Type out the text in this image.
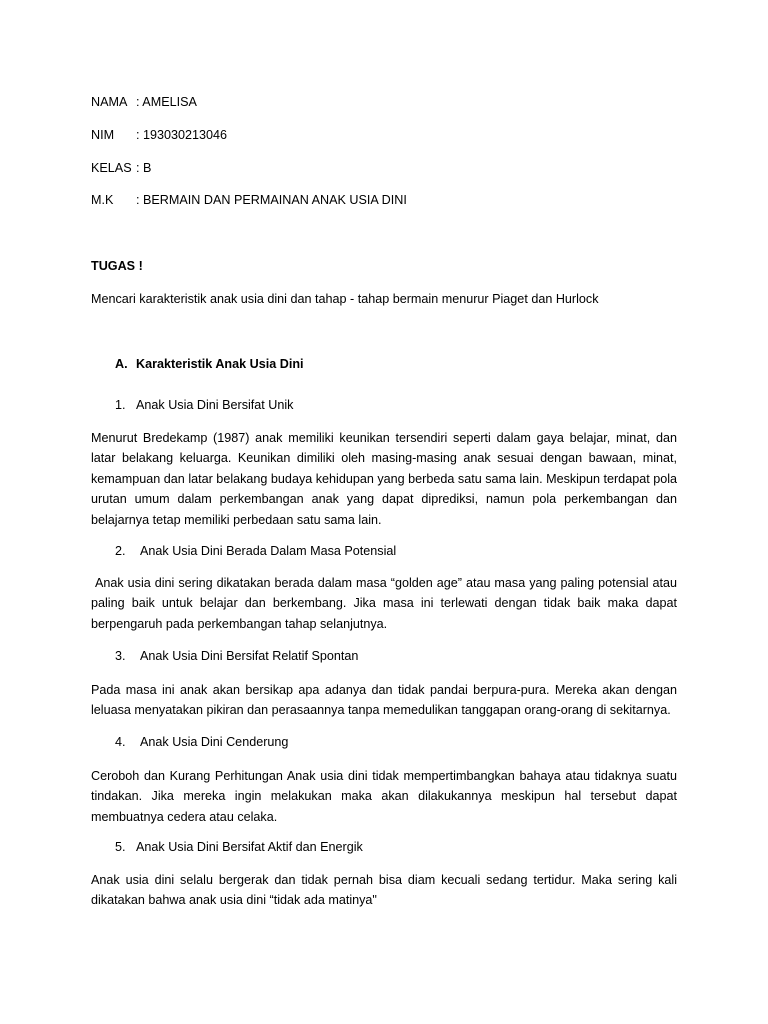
NAMA : AMELISA
NIM : 193030213046
KELAS : B
M.K : BERMAIN DAN PERMAINAN ANAK USIA DINI
TUGAS !
Mencari karakteristik anak usia dini dan tahap - tahap bermain menurur Piaget dan Hurlock
A. Karakteristik Anak Usia Dini
1. Anak Usia Dini Bersifat Unik
Menurut Bredekamp (1987) anak memiliki keunikan tersendiri seperti dalam gaya belajar, minat, dan latar belakang keluarga. Keunikan dimiliki oleh masing-masing anak sesuai dengan bawaan, minat, kemampuan dan latar belakang budaya kehidupan yang berbeda satu sama lain. Meskipun terdapat pola urutan umum dalam perkembangan anak yang dapat diprediksi, namun pola perkembangan dan belajarnya tetap memiliki perbedaan satu sama lain.
2. Anak Usia Dini Berada Dalam Masa Potensial
Anak usia dini sering dikatakan berada dalam masa “golden age” atau masa yang paling potensial atau paling baik untuk belajar dan berkembang. Jika masa ini terlewati dengan tidak baik maka dapat berpengaruh pada perkembangan tahap selanjutnya.
3. Anak Usia Dini Bersifat Relatif Spontan
Pada masa ini anak akan bersikap apa adanya dan tidak pandai berpura-pura. Mereka akan dengan leluasa menyatakan pikiran dan perasaannya tanpa memedulikan tanggapan orang-orang di sekitarnya.
4. Anak Usia Dini Cenderung
Ceroboh dan Kurang Perhitungan Anak usia dini tidak mempertimbangkan bahaya atau tidaknya suatu tindakan. Jika mereka ingin melakukan maka akan dilakukannya meskipun hal tersebut dapat membuatnya cedera atau celaka.
5. Anak Usia Dini Bersifat Aktif dan Energik
Anak usia dini selalu bergerak dan tidak pernah bisa diam kecuali sedang tertidur. Maka sering kali dikatakan bahwa anak usia dini “tidak ada matinya"
